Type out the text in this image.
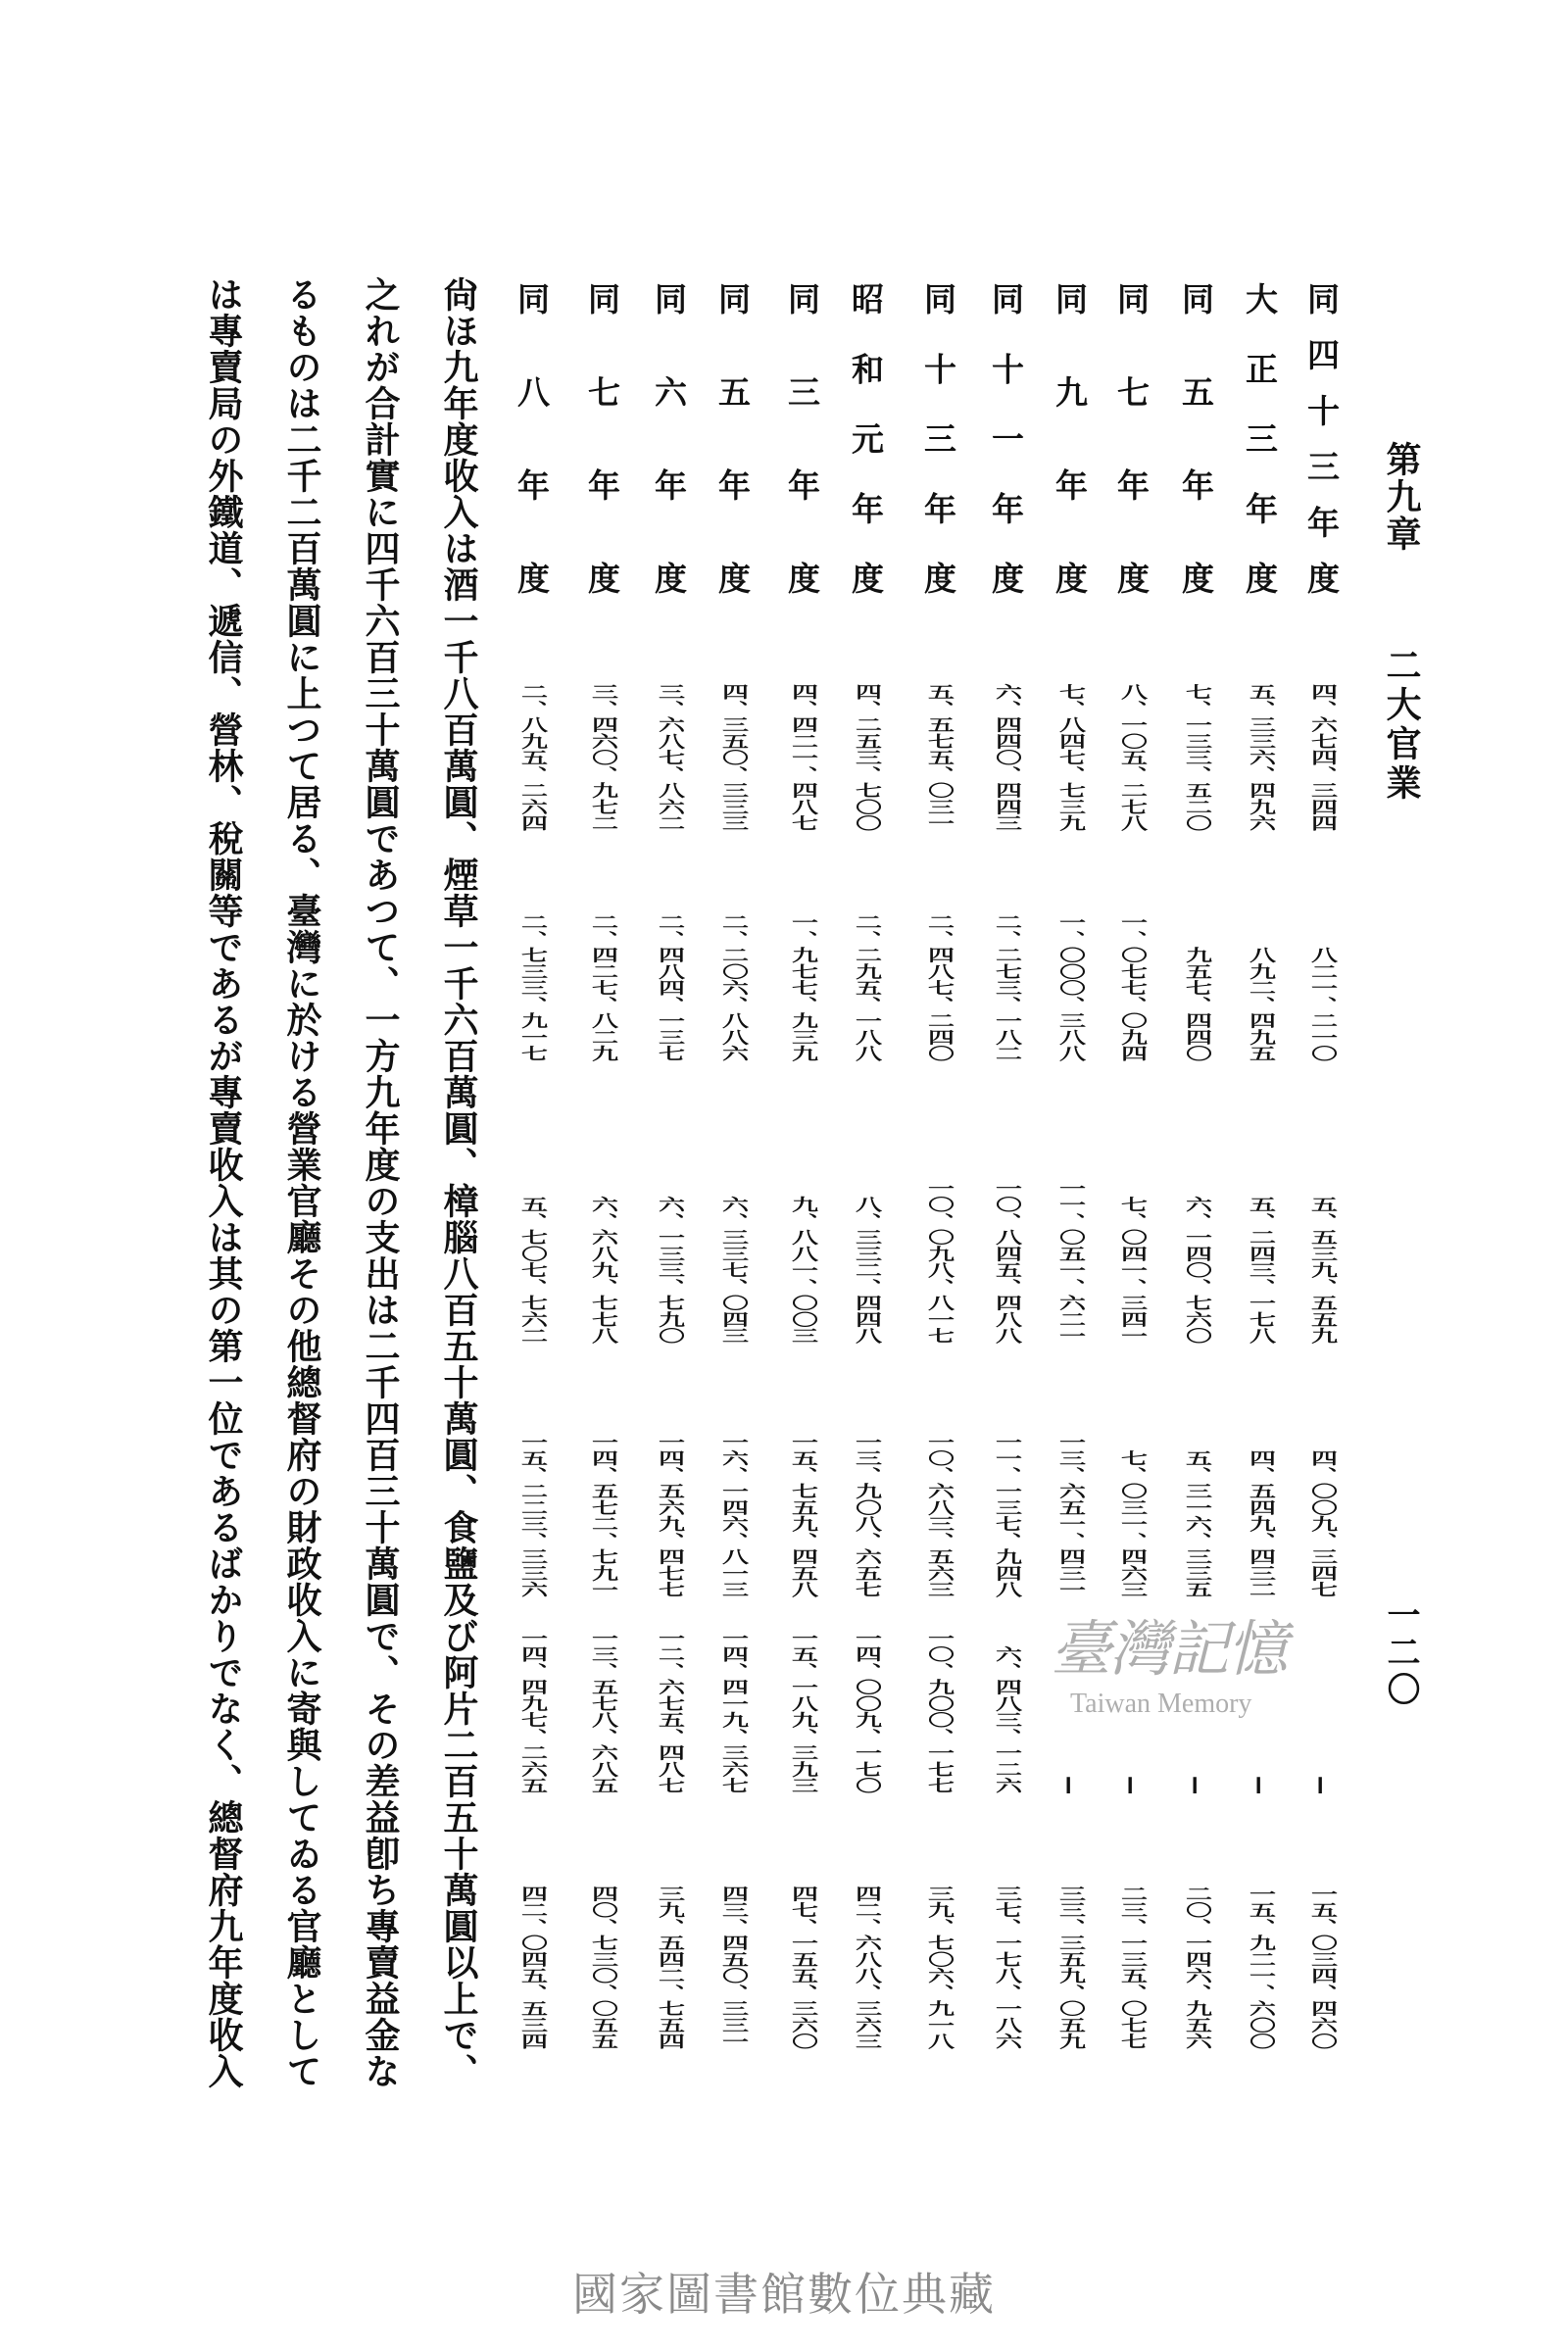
第九章
二大官業
一二〇
同四十三年度
四、六七四、三四四
八二一、二一〇
五、五三九、五五九
四、〇〇九、三四七
―
一五、〇三四、四六〇
大正三年度
五、三三六、四九六
八九二、四九五
五、二四三、一七八
四、五四九、四三二
―
一五、九二一、六〇〇
同五年度
七、一三三、五二〇
九五七、四四〇
六、一四〇、七六〇
五、三一六、三三五
―
二〇、一四六、九五六
同七年度
八、一〇五、二七八
一、〇七七、〇九四
七、〇四一、三四一
七、〇三一、四六三
―
二三、一三五、〇七七
同九年度
七、八四七、七三九
一、〇〇〇、三八八
一一、〇五一、六二一
一三、六五一、四三一
―
三三、三五九、〇五九
同十一年度
六、四四〇、四四三
二、二七三、一八二
一〇、八四五、四八八
一一、一三七、九四八
六、四八三、一二六
三七、一七八、一八六
同十三年度
五、五七五、〇三一
二、四八七、二四〇
一〇、〇九八、八一七
一〇、六八三、五六三
一〇、九〇〇、一七七
三九、七〇六、九一八
昭和元年度
四、二五三、七〇〇
二、二九五、一八八
八、三三二、四四八
一三、九〇八、六五七
一四、〇〇九、一七〇
四二、六八八、三六三
同三年度
四、四二一、四八七
一、九七七、九三九
九、八八一、〇〇三
一五、七五九、四五八
一五、一八九、三九三
四七、一五五、三六〇
同五年度
四、三五〇、三三三
二、二〇六、八八六
六、三三七、〇四三
一六、一四六、八一三
一四、四一九、三六七
四三、四五〇、三三一
同六年度
三、六八七、八六二
二、四八四、一三七
六、一三三、七九〇
一四、五六九、四七七
一二、六七五、四八七
三九、五四二、七五四
同七年度
三、四六〇、九七二
二、四二七、八二九
六、六八九、七七八
一四、五七二、七九一
一三、五七八、六八五
四〇、七三〇、〇五五
同八年度
二、八九五、二六四
二、七三三、九一七
五、七〇七、七六二
一五、二二三、三三六
一四、四九七、二六五
四二、〇四五、五三四
尙ほ九年度收入は酒一千八百萬圓、煙草一千六百萬圓、樟腦八百五十萬圓、食鹽及び阿片二百五十萬圓以上で、
之れが合計實に四千六百三十萬圓であつて、一方九年度の支出は二千四百三十萬圓で、その差益卽ち專賣益金な
るものは二千二百萬圓に上つて居る、臺灣に於ける營業官廳その他總督府の財政收入に寄與してゐる官廳として
は專賣局の外鐵道、遞信、營林、稅關等であるが專賣收入は其の第一位であるばかりでなく、總督府九年度收入	臺灣記憶
Taiwan Memory
國家圖書館數位典藏
